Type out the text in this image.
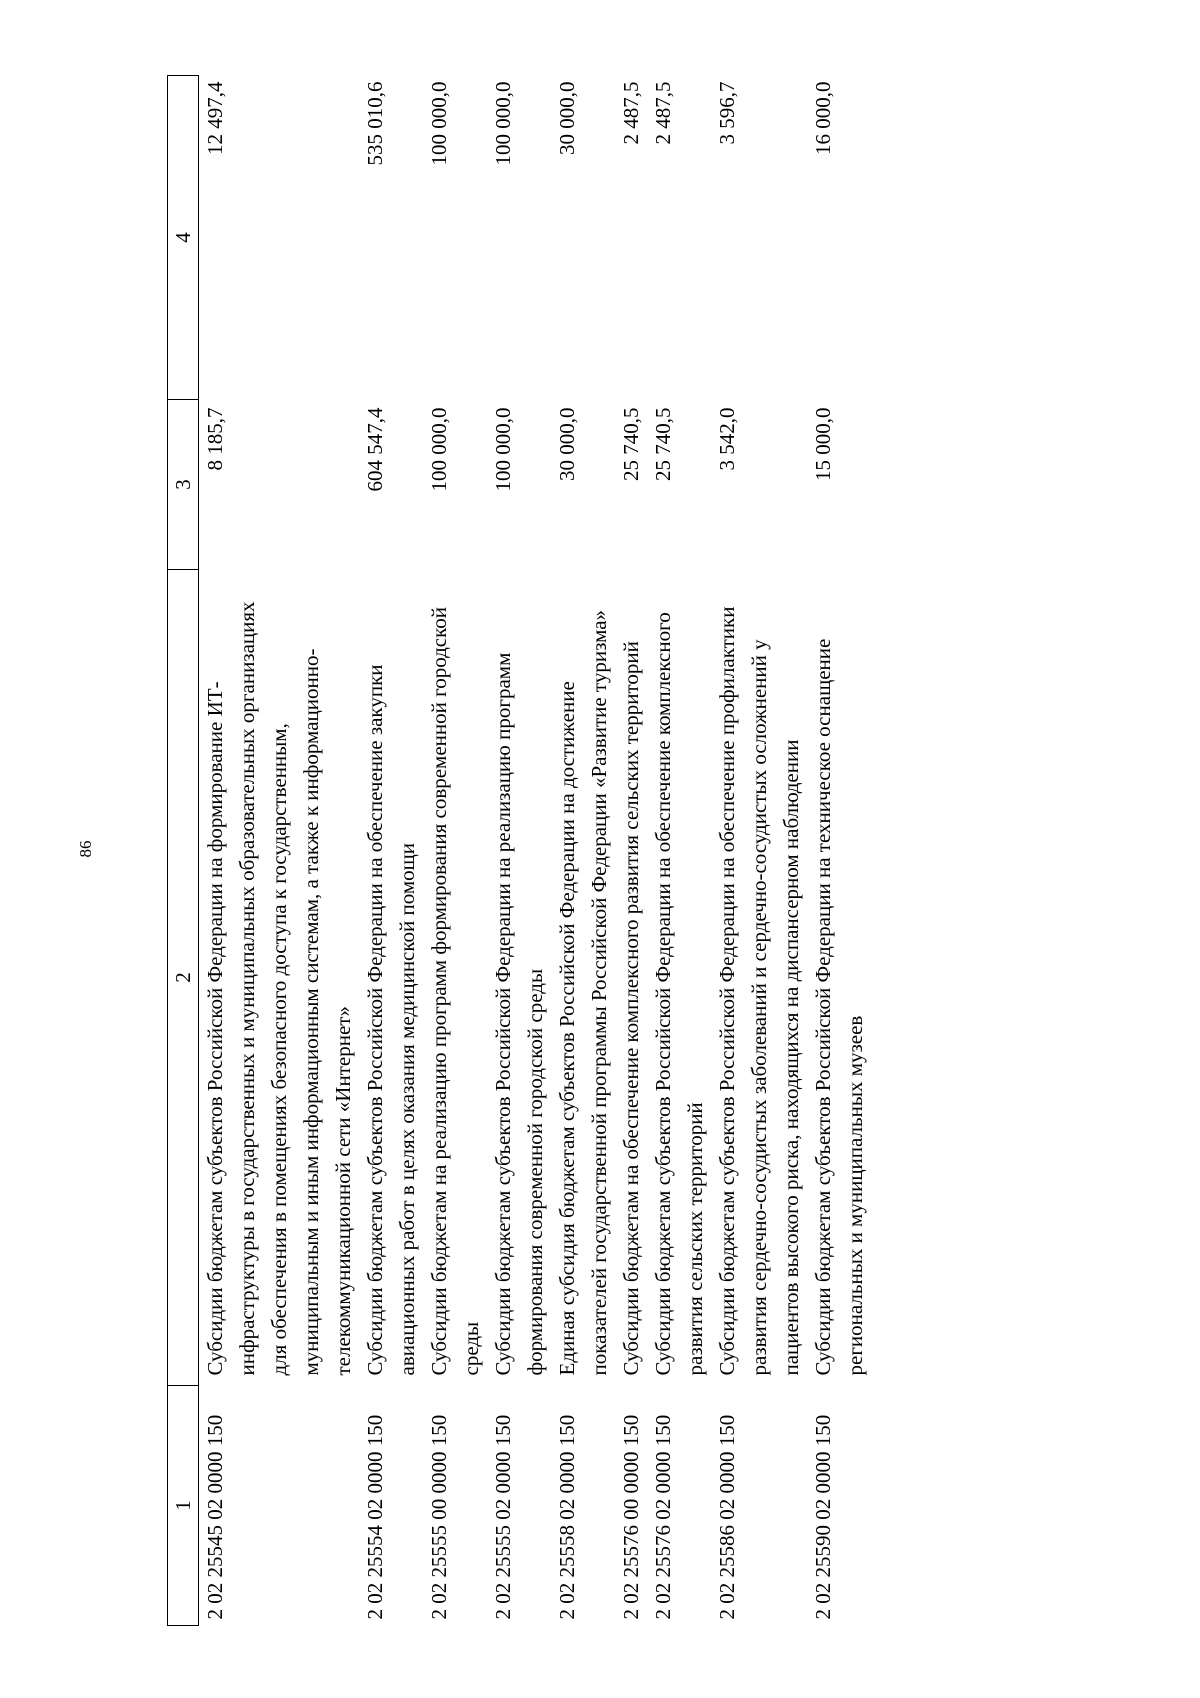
86
1	2	3	4
2 02 25545 02 0000 150	Субсидии бюджетам субъектов Российской Федерации на формирование ИТ-инфраструктуры в государственных и муниципальных образовательных организациях для обеспечения в помещениях безопасного доступа к государственным, муниципальным и иным информационным системам, а также к информационно-телекоммуникационной сети «Интернет»	8 185,7	12 497,4
2 02 25554 02 0000 150	Субсидии бюджетам субъектов Российской Федерации на обеспечение закупки авиационных работ в целях оказания медицинской помощи	604 547,4	535 010,6
2 02 25555 00 0000 150	Субсидии бюджетам на реализацию программ формирования современной городской среды	100 000,0	100 000,0
2 02 25555 02 0000 150	Субсидии бюджетам субъектов Российской Федерации на реализацию программ формирования современной городской среды	100 000,0	100 000,0
2 02 25558 02 0000 150	Единая субсидия бюджетам субъектов Российской Федерации на достижение показателей государственной программы Российской Федерации «Развитие туризма»	30 000,0	30 000,0
2 02 25576 00 0000 150	Субсидии бюджетам на обеспечение комплексного развития сельских территорий	25 740,5	2 487,5
2 02 25576 02 0000 150	Субсидии бюджетам субъектов Российской Федерации на обеспечение комплексного развития сельских территорий	25 740,5	2 487,5
2 02 25586 02 0000 150	Субсидии бюджетам субъектов Российской Федерации на обеспечение профилактики развития сердечно-сосудистых заболеваний и сердечно-сосудистых осложнений у пациентов высокого риска, находящихся на диспансерном наблюдении	3 542,0	3 596,7
2 02 25590 02 0000 150	Субсидии бюджетам субъектов Российской Федерации на техническое оснащение региональных и муниципальных музеев	15 000,0	16 000,0
